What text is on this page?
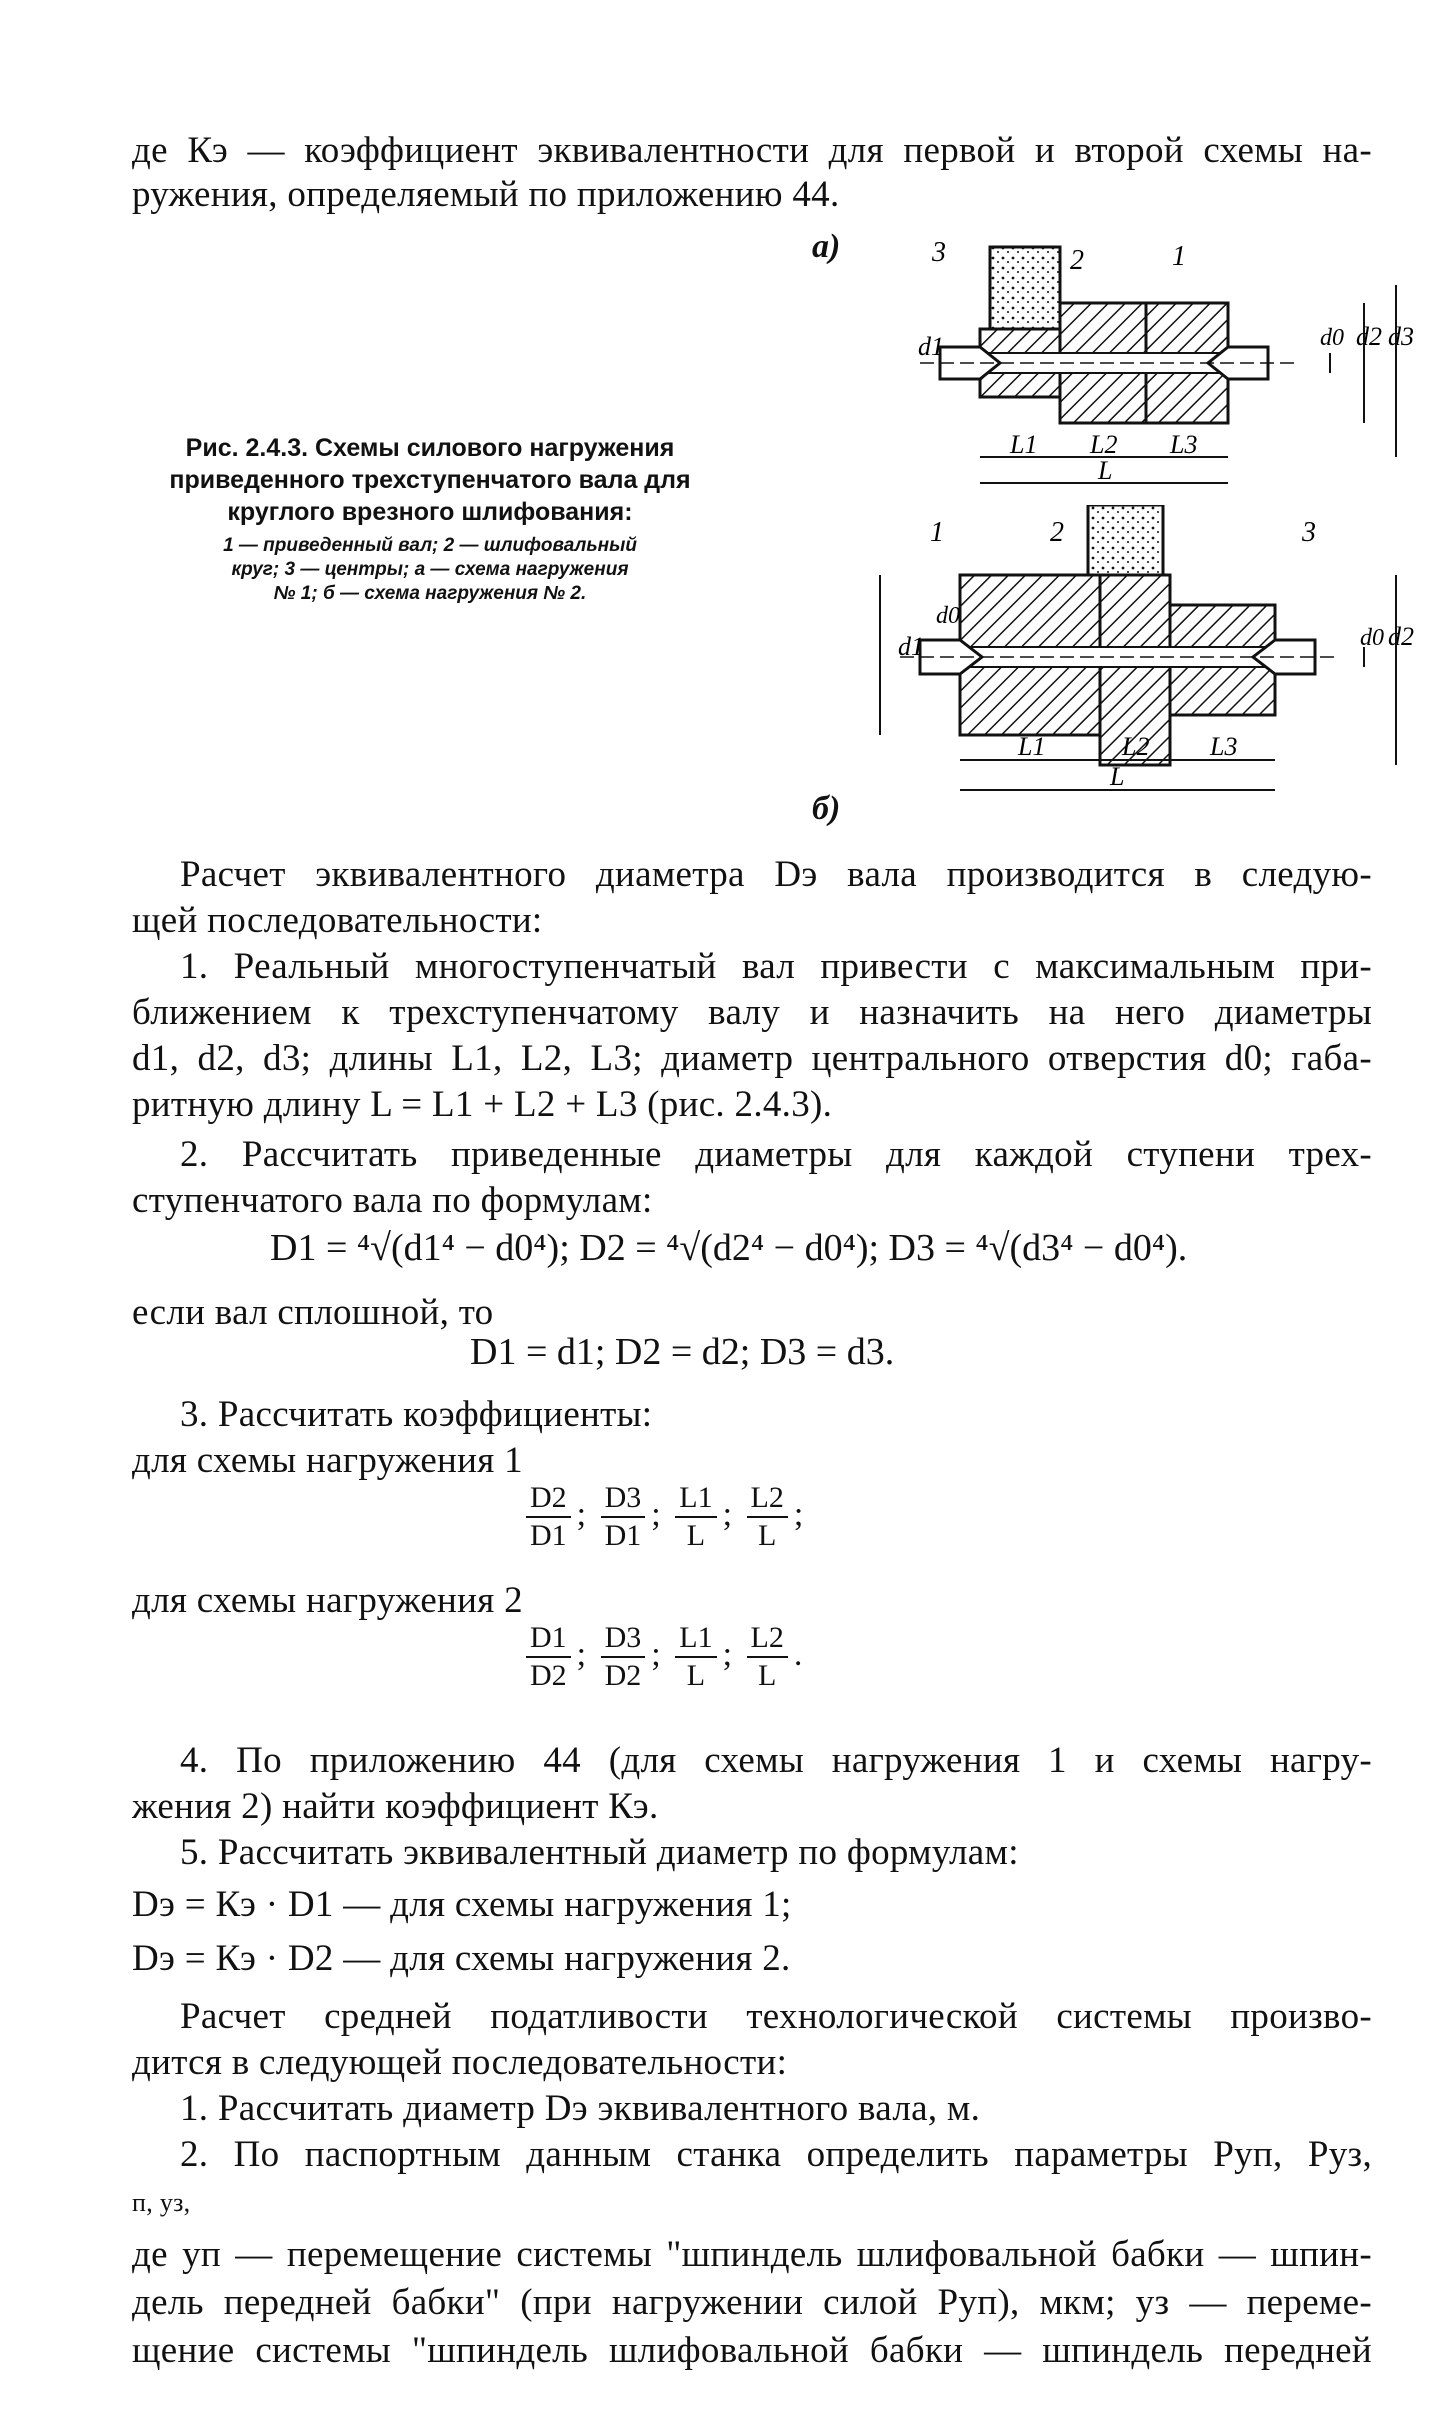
де Кэ — коэффициент эквивалентности для первой и второй схемы на-
ружения, определяемый по приложению 44.
а)
б)
Рис. 2.4.3. Схемы силового нагружения
приведенного трехступенчатого вала для
круглого врезного шлифования:
1 — приведенный вал; 2 — шлифовальный
круг; 3 — центры; а — схема нагружения
№ 1; б — схема нагружения № 2.
3	2	1
d1	d0 d2 d3
L1 L2 L3
L
1	2	3
d1
d0
d0 d2
L1	L2 L3
L
Расчет эквивалентного диаметра Dэ вала производится в следую-
щей последовательности:
1. Реальный многоступенчатый вал привести с максимальным при-
ближением к трехступенчатому валу и назначить на него диаметры
d1, d2, d3; длины L1, L2, L3; диаметр центрального отверстия d0; габа-
ритную длину L = L1 + L2 + L3 (рис. 2.4.3).
2. Рассчитать приведенные диаметры для каждой ступени трех-
ступенчатого вала по формулам:
D1 = ⁴√(d1⁴ − d0⁴); D2 = ⁴√(d2⁴ − d0⁴); D3 = ⁴√(d3⁴ − d0⁴).
если вал сплошной, то
D1 = d1; D2 = d2; D3 = d3.
3. Рассчитать коэффициенты:
для схемы нагружения 1
$\frac{D2}{D1}$ ; $\frac{D3}{D1}$ ; $\frac{L1}{L}$ ; $\frac{L2}{L}$ ;
для схемы нагружения 2
$\frac{D1}{D2}$ ; $\frac{D3}{D2}$ ; $\frac{L1}{L}$ ; $\frac{L2}{L}$ .
4. По приложению 44 (для схемы нагружения 1 и схемы нагру-
жения 2) найти коэффициент Кэ.
5. Рассчитать эквивалентный диаметр по формулам:
Dэ = Кэ · D1 — для схемы нагружения 1;
Dэ = Кэ · D2 — для схемы нагружения 2.
Расчет средней податливости технологической системы произво-
дится в следующей последовательности:
1. Рассчитать диаметр Dэ эквивалентного вала, м.
2. По паспортным данным станка определить параметры Pyп, Pyз,
п, yз,
де yп — перемещение системы "шпиндель шлифовальной бабки — шпин-
дель передней бабки" (при нагружении силой Pyп), мкм; yз — переме-
щение системы "шпиндель шлифовальной бабки — шпиндель передней
